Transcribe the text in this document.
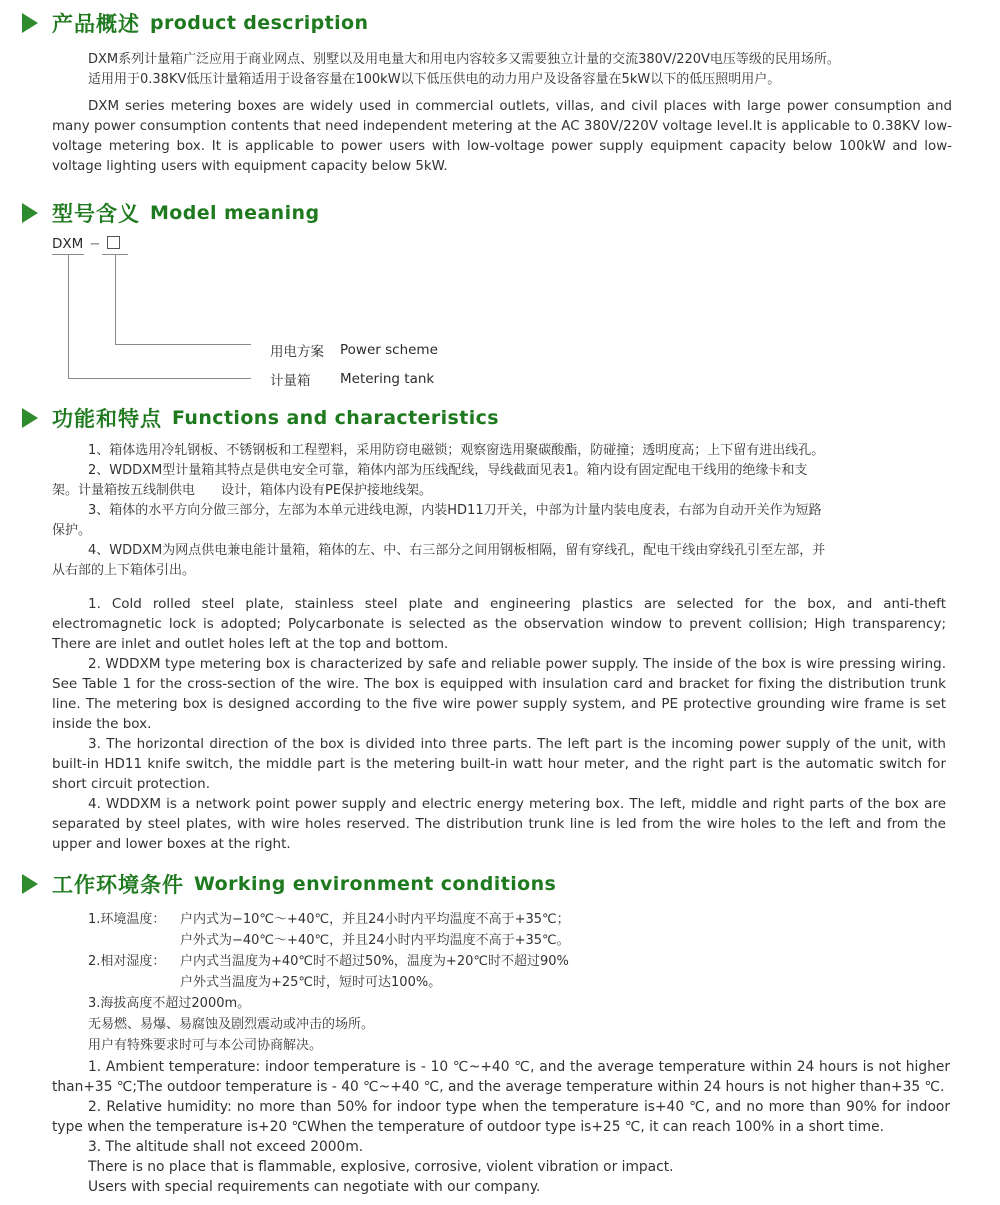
产品概述 product description

DXM系列计量箱广泛应用于商业网点、别墅以及用电量大和用电内容较多又需要独立计量的交流380V/220V电压等级的民用场所。

适用用于0.38KV低压计量箱适用于设备容量在100kW以下低压供电的动力用户及设备容量在5kW以下的低压照明用户。

DXM series metering boxes are widely used in commercial outlets, villas, and civil places with large power consumption and many power consumption contents that need independent metering at the AC 380V/220V voltage level.It is applicable to 0.38KV low-voltage metering box. It is applicable to power users with low-voltage power supply equipment capacity below 100kW and low-voltage lighting users with equipment capacity below 5kW.

型号含义 Model meaning
DXM −
用电方案 Power scheme
计量箱 Metering tank
功能和特点 Functions and characteristics

1、箱体选用冷轧钢板、不锈钢板和工程塑料，采用防窃电磁锁；观察窗选用聚碳酸酯，防碰撞；透明度高；上下留有进出线孔。

2、WDDXM型计量箱其特点是供电安全可靠，箱体内部为压线配线，导线截面见表1。箱内设有固定配电干线用的绝缘卡和支

架。计量箱按五线制供电　　设计，箱体内设有PE保护接地线架。

3、箱体的水平方向分做三部分，左部为本单元进线电源，内装HD11刀开关，中部为计量内装电度表，右部为自动开关作为短路

保护。

4、WDDXM为网点供电兼电能计量箱，箱体的左、中、右三部分之间用钢板相隔，留有穿线孔，配电干线由穿线孔引至左部，并

从右部的上下箱体引出。

1. Cold rolled steel plate, stainless steel plate and engineering plastics are selected for the box, and anti-theft electromagnetic lock is adopted; Polycarbonate is selected as the observation window to prevent collision; High transparency; There are inlet and outlet holes left at the top and bottom.

2. WDDXM type metering box is characterized by safe and reliable power supply. The inside of the box is wire pressing wiring. See Table 1 for the cross-section of the wire. The box is equipped with insulation card and bracket for fixing the distribution trunk line. The metering box is designed according to the five wire power supply system, and PE protective grounding wire frame is set inside the box.

3. The horizontal direction of the box is divided into three parts. The left part is the incoming power supply of the unit, with built-in HD11 knife switch, the middle part is the metering built-in watt hour meter, and the right part is the automatic switch for short circuit protection.

4. WDDXM is a network point power supply and electric energy metering box. The left, middle and right parts of the box are separated by steel plates, with wire holes reserved. The distribution trunk line is led from the wire holes to the left and from the upper and lower boxes at the right.

工作环境条件 Working environment conditions
1.环境温度：	户内式为−10℃～+40℃，并且24小时内平均温度不高于+35℃；
户外式为−40℃～+40℃，并且24小时内平均温度不高于+35℃。
2.相对湿度：	户内式当温度为+40℃时不超过50%，温度为+20℃时不超过90%
户外式当温度为+25℃时，短时可达100%。
3.海拔高度不超过2000m。
无易燃、易爆、易腐蚀及剧烈震动或冲击的场所。
用户有特殊要求时可与本公司协商解决。

1. Ambient temperature: indoor temperature is - 10 ℃~+40 ℃, and the average temperature within 24 hours is not higher than+35 ℃;The outdoor temperature is - 40 ℃~+40 ℃, and the average temperature within 24 hours is not higher than+35 ℃.

2. Relative humidity: no more than 50% for indoor type when the temperature is+40 ℃, and no more than 90% for indoor type when the temperature is+20 ℃When the temperature of outdoor type is+25 ℃, it can reach 100% in a short time.

3. The altitude shall not exceed 2000m.

There is no place that is flammable, explosive, corrosive, violent vibration or impact.

Users with special requirements can negotiate with our company.
